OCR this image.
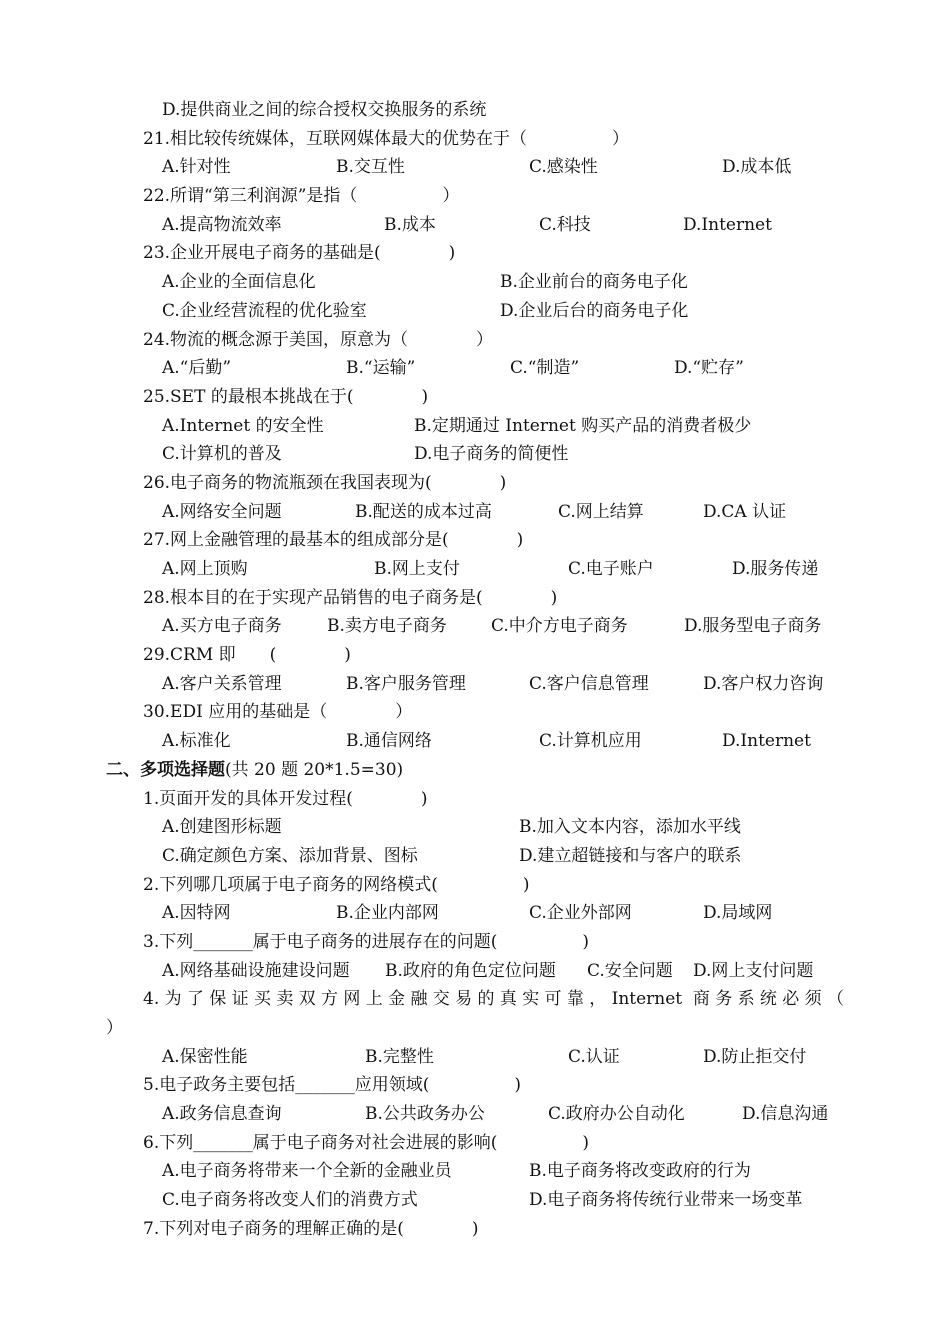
D.提供商业之间的综合授权交换服务的系统
21.相比较传统媒体，互联网媒体最大的优势在于（　　　　　）
A.针对性	B.交互性	C.感染性	D.成本低
22.所谓“第三利润源”是指（　　　　　）
A.提高物流效率	B.成本	C.科技	D.Internet
23.企业开展电子商务的基础是(　　　　)
A.企业的全面信息化	B.企业前台的商务电子化
C.企业经营流程的优化验室	D.企业后台的商务电子化
24.物流的概念源于美国，原意为（　　　　）
A.“后勤”	B.“运输”	C.“制造”	D.“贮存”
25.SET 的最根本挑战在于(　　　　)
A.Internet 的安全性	B.定期通过 Internet 购买产品的消费者极少
C.计算机的普及	D.电子商务的简便性
26.电子商务的物流瓶颈在我国表现为(　　　　)
A.网络安全问题	B.配送的成本过高	C.网上结算	D.CA 认证
27.网上金融管理的最基本的组成部分是(　　　　)
A.网上顶购	B.网上支付	C.电子账户	D.服务传递
28.根本目的在于实现产品销售的电子商务是(　　　　)
A.买方电子商务	B.卖方电子商务	C.中介方电子商务	D.服务型电子商务
29.CRM 即　　(　　　　)
A.客户关系管理	B.客户服务管理	C.客户信息管理	D.客户权力咨询
30.EDI 应用的基础是（　　　　）
A.标准化	B.通信网络	C.计算机应用	D.Internet
二、多项选择题(共 20 题 20*1.5=30)
1.页面开发的具体开发过程(　　　　)
A.创建图形标题	B.加入文本内容，添加水平线
C.确定颜色方案、添加背景、图标	D.建立超链接和与客户的联系
2.下列哪几项属于电子商务的网络模式(　　　　　)
A.因特网	B.企业内部网	C.企业外部网	D.局域网
3.下列_______属于电子商务的进展存在的问题(　　　　　)
A.网络基础设施建设问题 B.政府的角色定位问题 C.安全问题 D.网上支付问题
4.为了保证买卖双方网上金融交易的真实可靠，Internet 商务系统必须（
）
A.保密性能	B.完整性	C.认证	D.防止拒交付
5.电子政务主要包括_______应用领域(　　　　　)
A.政务信息查询	B.公共政务办公	C.政府办公自动化	D.信息沟通
6.下列_______属于电子商务对社会进展的影响(　　　　　)
A.电子商务将带来一个全新的金融业员	B.电子商务将改变政府的行为
C.电子商务将改变人们的消费方式	D.电子商务将传统行业带来一场变革
7.下列对电子商务的理解正确的是(　　　　)
